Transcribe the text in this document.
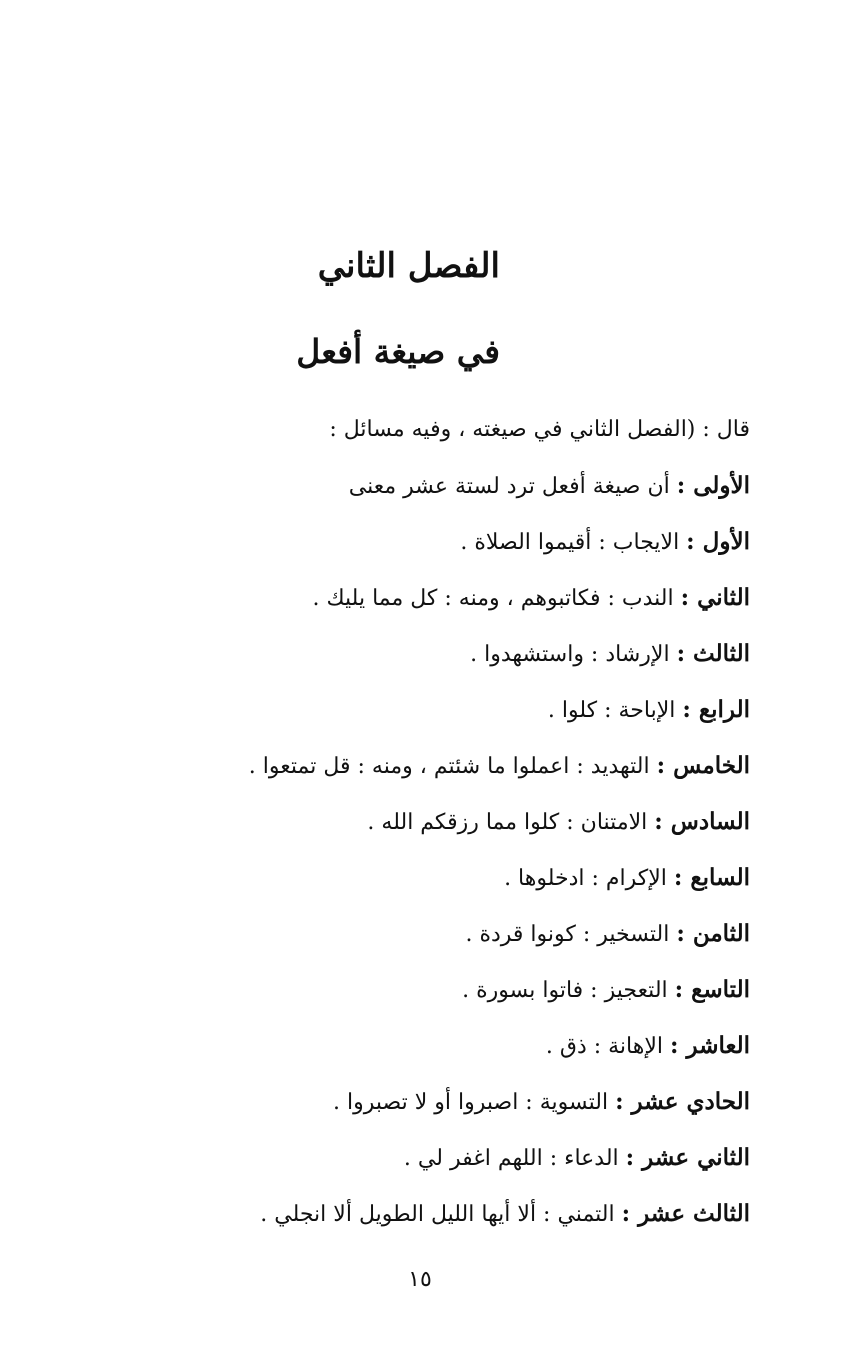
الفصل الثاني
في صيغة أفعل
قال : (الفصل الثاني في صيغته ، وفيه مسائل :
الأولى : أن صيغة أفعل ترد لستة عشر معنى
الأول : الايجاب : أقيموا الصلاة .
الثاني : الندب : فكاتبوهم ، ومنه : كل مما يليك .
الثالث : الإرشاد : واستشهدوا .
الرابع : الإباحة : كلوا .
الخامس : التهديد : اعملوا ما شئتم ، ومنه : قل تمتعوا .
السادس : الامتنان : كلوا مما رزقكم الله .
السابع : الإكرام : ادخلوها .
الثامن : التسخير : كونوا قردة .
التاسع : التعجيز : فاتوا بسورة .
العاشر : الإهانة : ذق .
الحادي عشر : التسوية : اصبروا أو لا تصبروا .
الثاني عشر : الدعاء : اللهم اغفر لي .
الثالث عشر : التمني : ألا أيها الليل الطويل ألا انجلي .
١٥
